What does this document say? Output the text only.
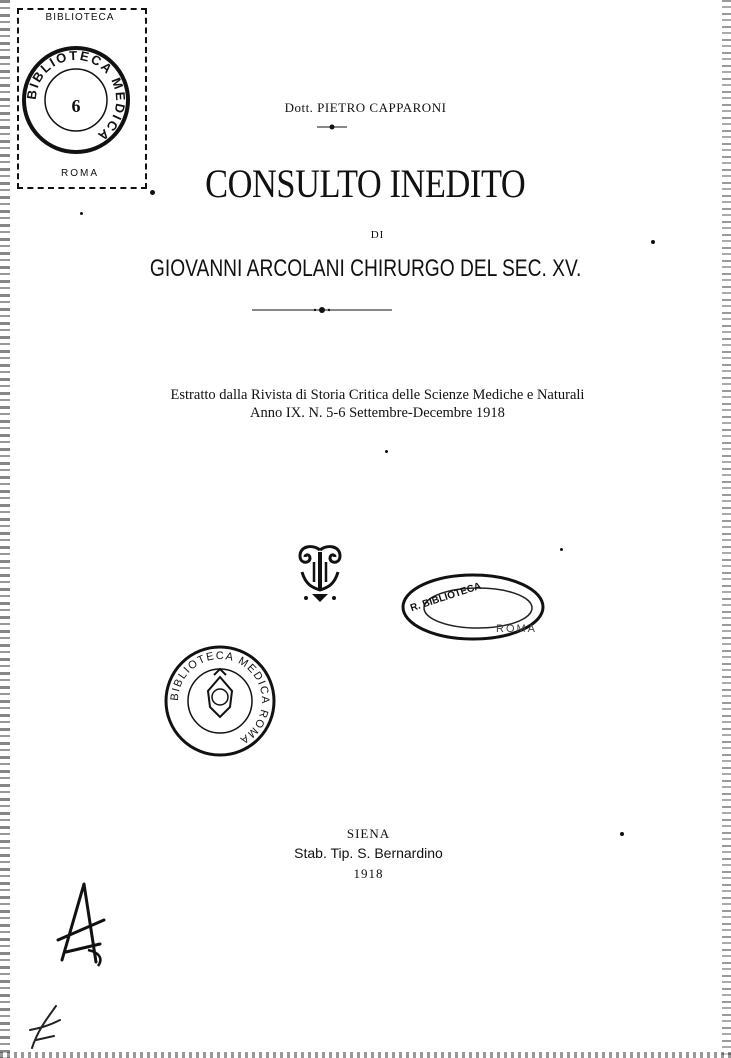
BIBLIOTECA
BIBLIOTECA MEDICA
6
ROMA
Dott. PIETRO CAPPARONI
CONSULTO INEDITO
DI
GIOVANNI ARCOLANI CHIRURGO DEL SEC. XV.
Estratto dalla Rivista di Storia Critica delle Scienze Mediche e Naturali
Anno IX. N. 5-6 Settembre-Decembre 1918
R. BIBLIOTECA
ROMA
BIBLIOTECA MEDICA ROMA
SIENA
Stab. Tip. S. Bernardino
1918
